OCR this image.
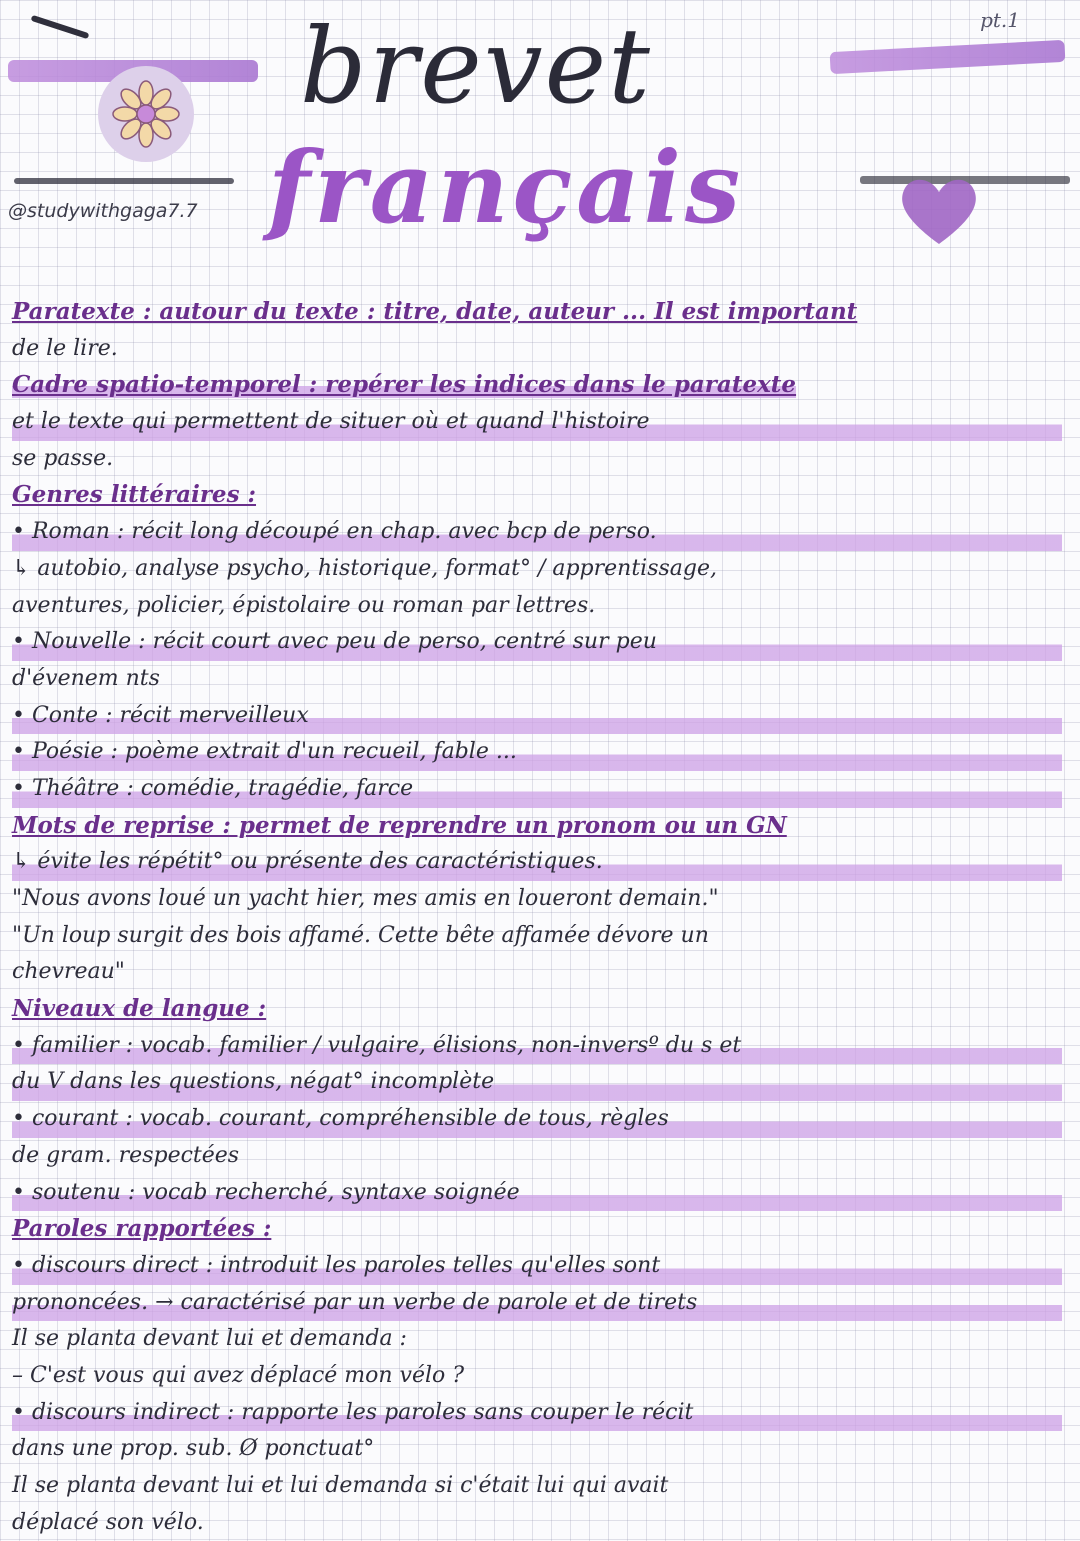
pt.1
@studywithgaga7.7
brevet
français
Paratexte : autour du texte : titre, date, auteur ... Il est important
de le lire.
Cadre spatio-temporel : repérer les indices dans le paratexte
et le texte qui permettent de situer où et quand l'histoire
se passe.
Genres littéraires :
• Roman : récit long découpé en chap. avec bcp de perso.
↳ autobio, analyse psycho, historique, format° / apprentissage,
aventures, policier, épistolaire ou roman par lettres.
• Nouvelle : récit court avec peu de perso, centré sur peu
d'évenem nts
• Conte : récit merveilleux
• Poésie : poème extrait d'un recueil, fable ...
• Théâtre : comédie, tragédie, farce
Mots de reprise : permet de reprendre un pronom ou un GN
↳ évite les répétit° ou présente des caractéristiques.
"Nous avons loué un yacht hier, mes amis en loueront demain."
"Un loup surgit des bois affamé. Cette bête affamée dévore un
chevreau"
Niveaux de langue :
• familier : vocab. familier / vulgaire, élisions, non-inversº du s et
du V dans les questions, négat° incomplète
• courant : vocab. courant, compréhensible de tous, règles
de gram. respectées
• soutenu : vocab recherché, syntaxe soignée
Paroles rapportées :
• discours direct : introduit les paroles telles qu'elles sont
prononcées. → caractérisé par un verbe de parole et de tirets
Il se planta devant lui et demanda :
– C'est vous qui avez déplacé mon vélo ?
• discours indirect : rapporte les paroles sans couper le récit
dans une prop. sub. Ø ponctuat°
Il se planta devant lui et lui demanda si c'était lui qui avait
déplacé son vélo.
